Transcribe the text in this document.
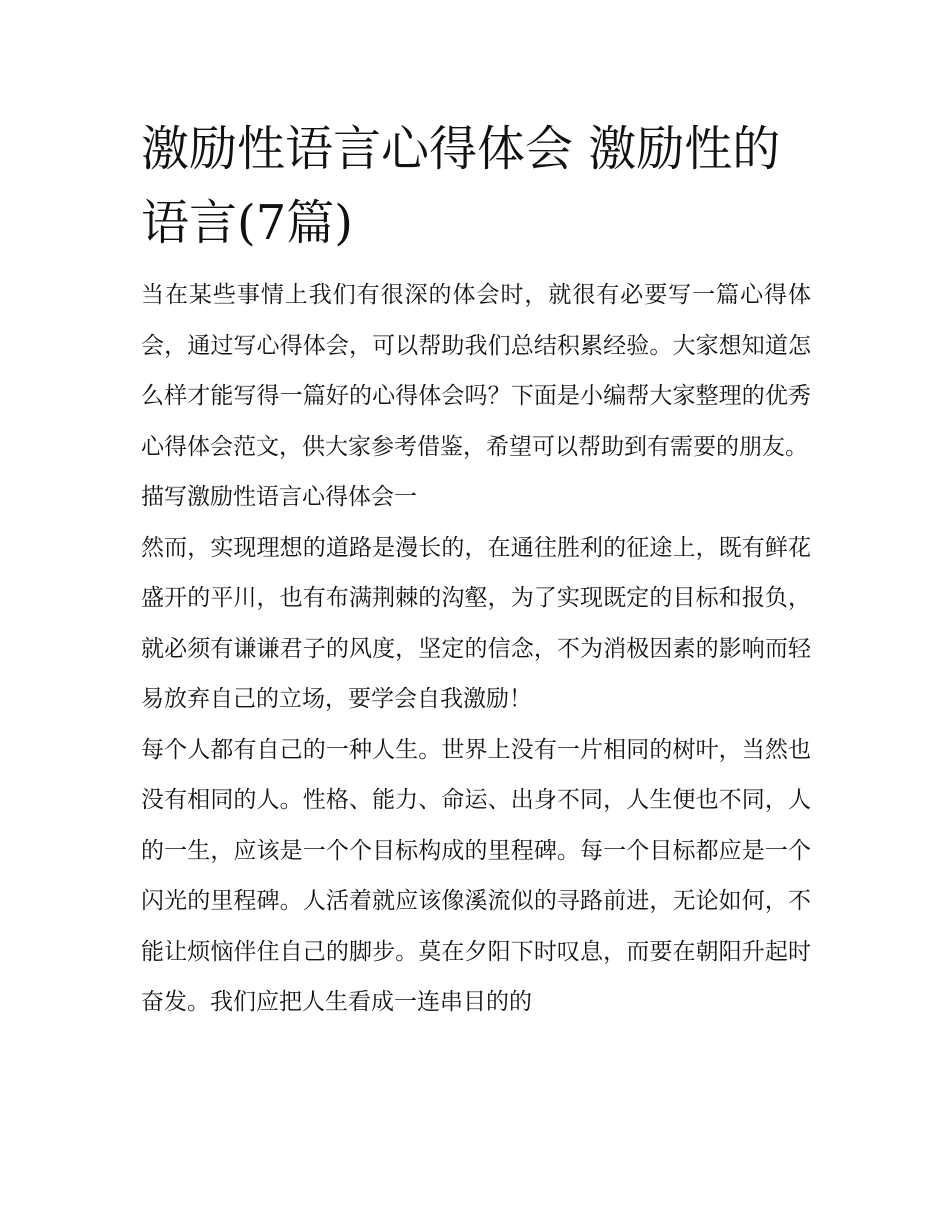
激励性语言心得体会 激励性的语言(7篇)

当在某些事情上我们有很深的体会时，就很有必要写一篇心得体会，通过写心得体会，可以帮助我们总结积累经验。大家想知道怎么样才能写得一篇好的心得体会吗？下面是小编帮大家整理的优秀心得体会范文，供大家参考借鉴，希望可以帮助到有需要的朋友。

描写激励性语言心得体会一

然而，实现理想的道路是漫长的，在通往胜利的征途上，既有鲜花盛开的平川，也有布满荆棘的沟壑，为了实现既定的目标和报负，就必须有谦谦君子的风度，坚定的信念，不为消极因素的影响而轻易放弃自己的立场，要学会自我激励！

每个人都有自己的一种人生。世界上没有一片相同的树叶，当然也没有相同的人。性格、能力、命运、出身不同，人生便也不同，人的一生，应该是一个个目标构成的里程碑。每一个目标都应是一个闪光的里程碑。人活着就应该像溪流似的寻路前进，无论如何，不能让烦恼伴住自己的脚步。莫在夕阳下时叹息，而要在朝阳升起时奋发。我们应把人生看成一连串目的的
